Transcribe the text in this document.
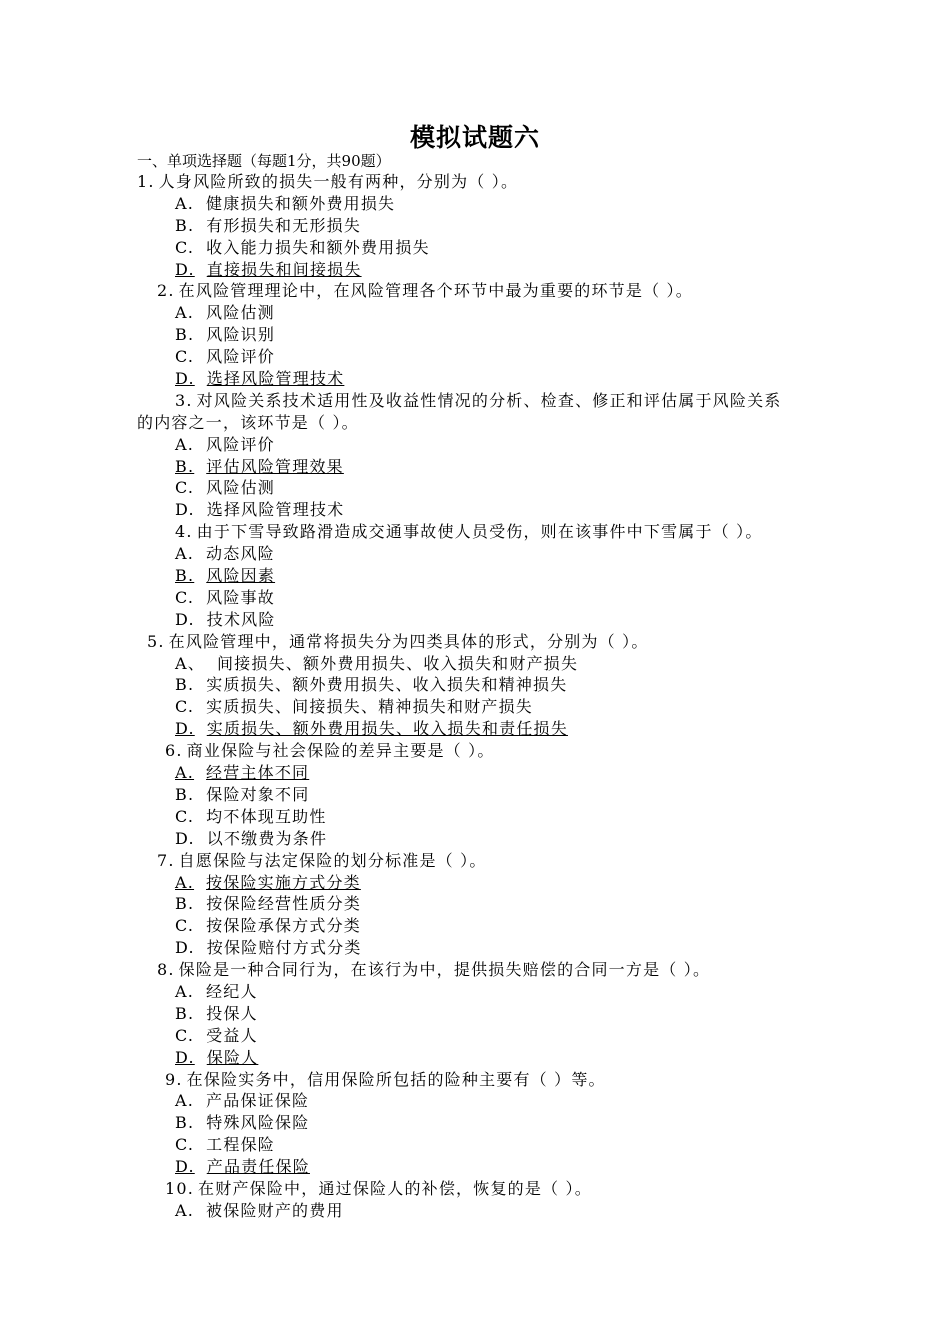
模拟试题六

一、单项选择题（每题1分，共90题）

1. 人身风险所致的损失一般有两种，分别为（ ）。
A. 健康损失和额外费用损失
B. 有形损失和无形损失
C. 收入能力损失和额外费用损失
D. 直接损失和间接损失
2. 在风险管理理论中，在风险管理各个环节中最为重要的环节是（ ）。
A. 风险估测
B. 风险识别
C. 风险评价
D. 选择风险管理技术
3. 对风险关系技术适用性及收益性情况的分析、检查、修正和评估属于风险关系
的内容之一，该环节是（ ）。
A. 风险评价
B. 评估风险管理效果
C. 风险估测
D. 选择风险管理技术
4. 由于下雪导致路滑造成交通事故使人员受伤，则在该事件中下雪属于（ ）。
A. 动态风险
B. 风险因素
C. 风险事故
D. 技术风险
5. 在风险管理中，通常将损失分为四类具体的形式，分别为（ ）。
A、 间接损失、额外费用损失、收入损失和财产损失
B. 实质损失、额外费用损失、收入损失和精神损失
C. 实质损失、间接损失、精神损失和财产损失
D. 实质损失、额外费用损失、收入损失和责任损失
6. 商业保险与社会保险的差异主要是（ ）。
A. 经营主体不同
B. 保险对象不同
C. 均不体现互助性
D. 以不缴费为条件
7. 自愿保险与法定保险的划分标准是（ ）。
A. 按保险实施方式分类
B. 按保险经营性质分类
C. 按保险承保方式分类
D. 按保险赔付方式分类
8. 保险是一种合同行为，在该行为中，提供损失赔偿的合同一方是（ ）。
A. 经纪人
B. 投保人
C. 受益人
D. 保险人
9. 在保险实务中，信用保险所包括的险种主要有（ ）等。
A. 产品保证保险
B. 特殊风险保险
C. 工程保险
D. 产品责任保险
10. 在财产保险中，通过保险人的补偿，恢复的是（ ）。
A. 被保险财产的费用
